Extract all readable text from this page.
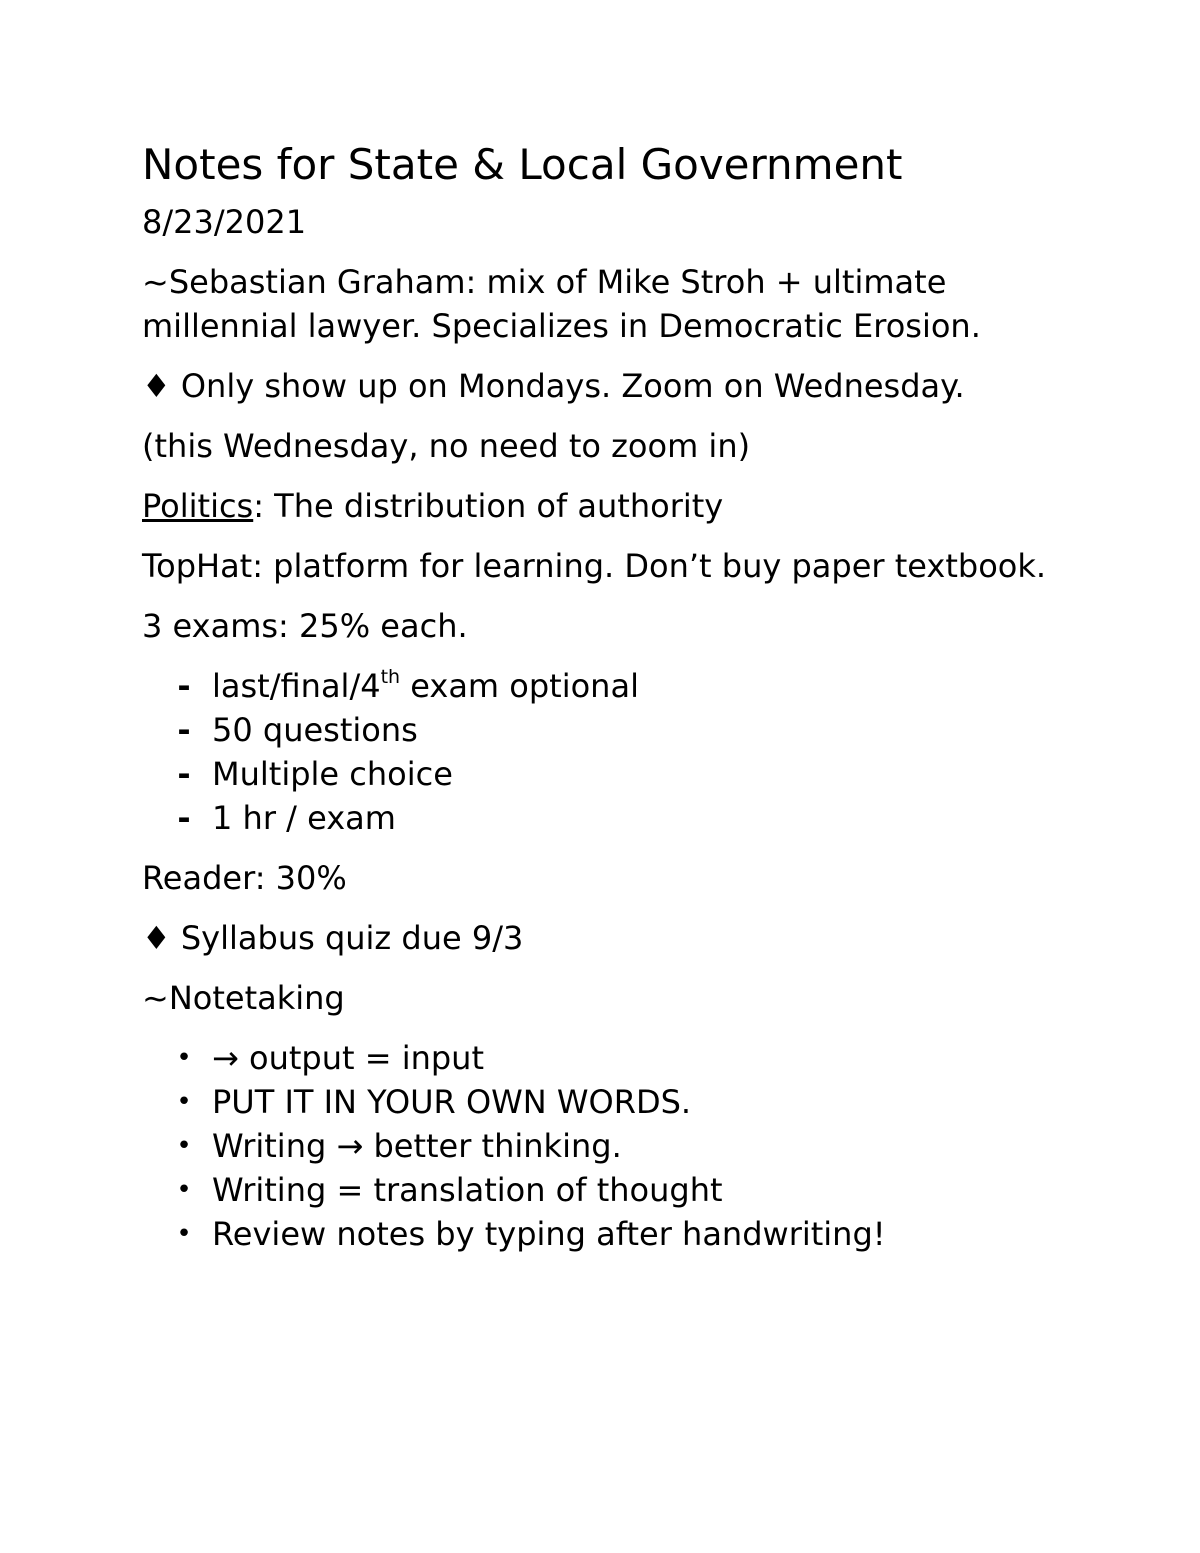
Notes for State & Local Government

8/23/2021

~Sebastian Graham: mix of Mike Stroh + ultimate millennial lawyer. Specializes in Democratic Erosion.

♦ Only show up on Mondays. Zoom on Wednesday.

(this Wednesday, no need to zoom in)

Politics: The distribution of authority

TopHat: platform for learning. Don’t buy paper textbook.

3 exams: 25% each.

- last/final/4th exam optional
- 50 questions
- Multiple choice
- 1 hr / exam

Reader: 30%

♦ Syllabus quiz due 9/3

~Notetaking

• → output = input
• PUT IT IN YOUR OWN WORDS.
• Writing → better thinking.
• Writing = translation of thought
• Review notes by typing after handwriting!
